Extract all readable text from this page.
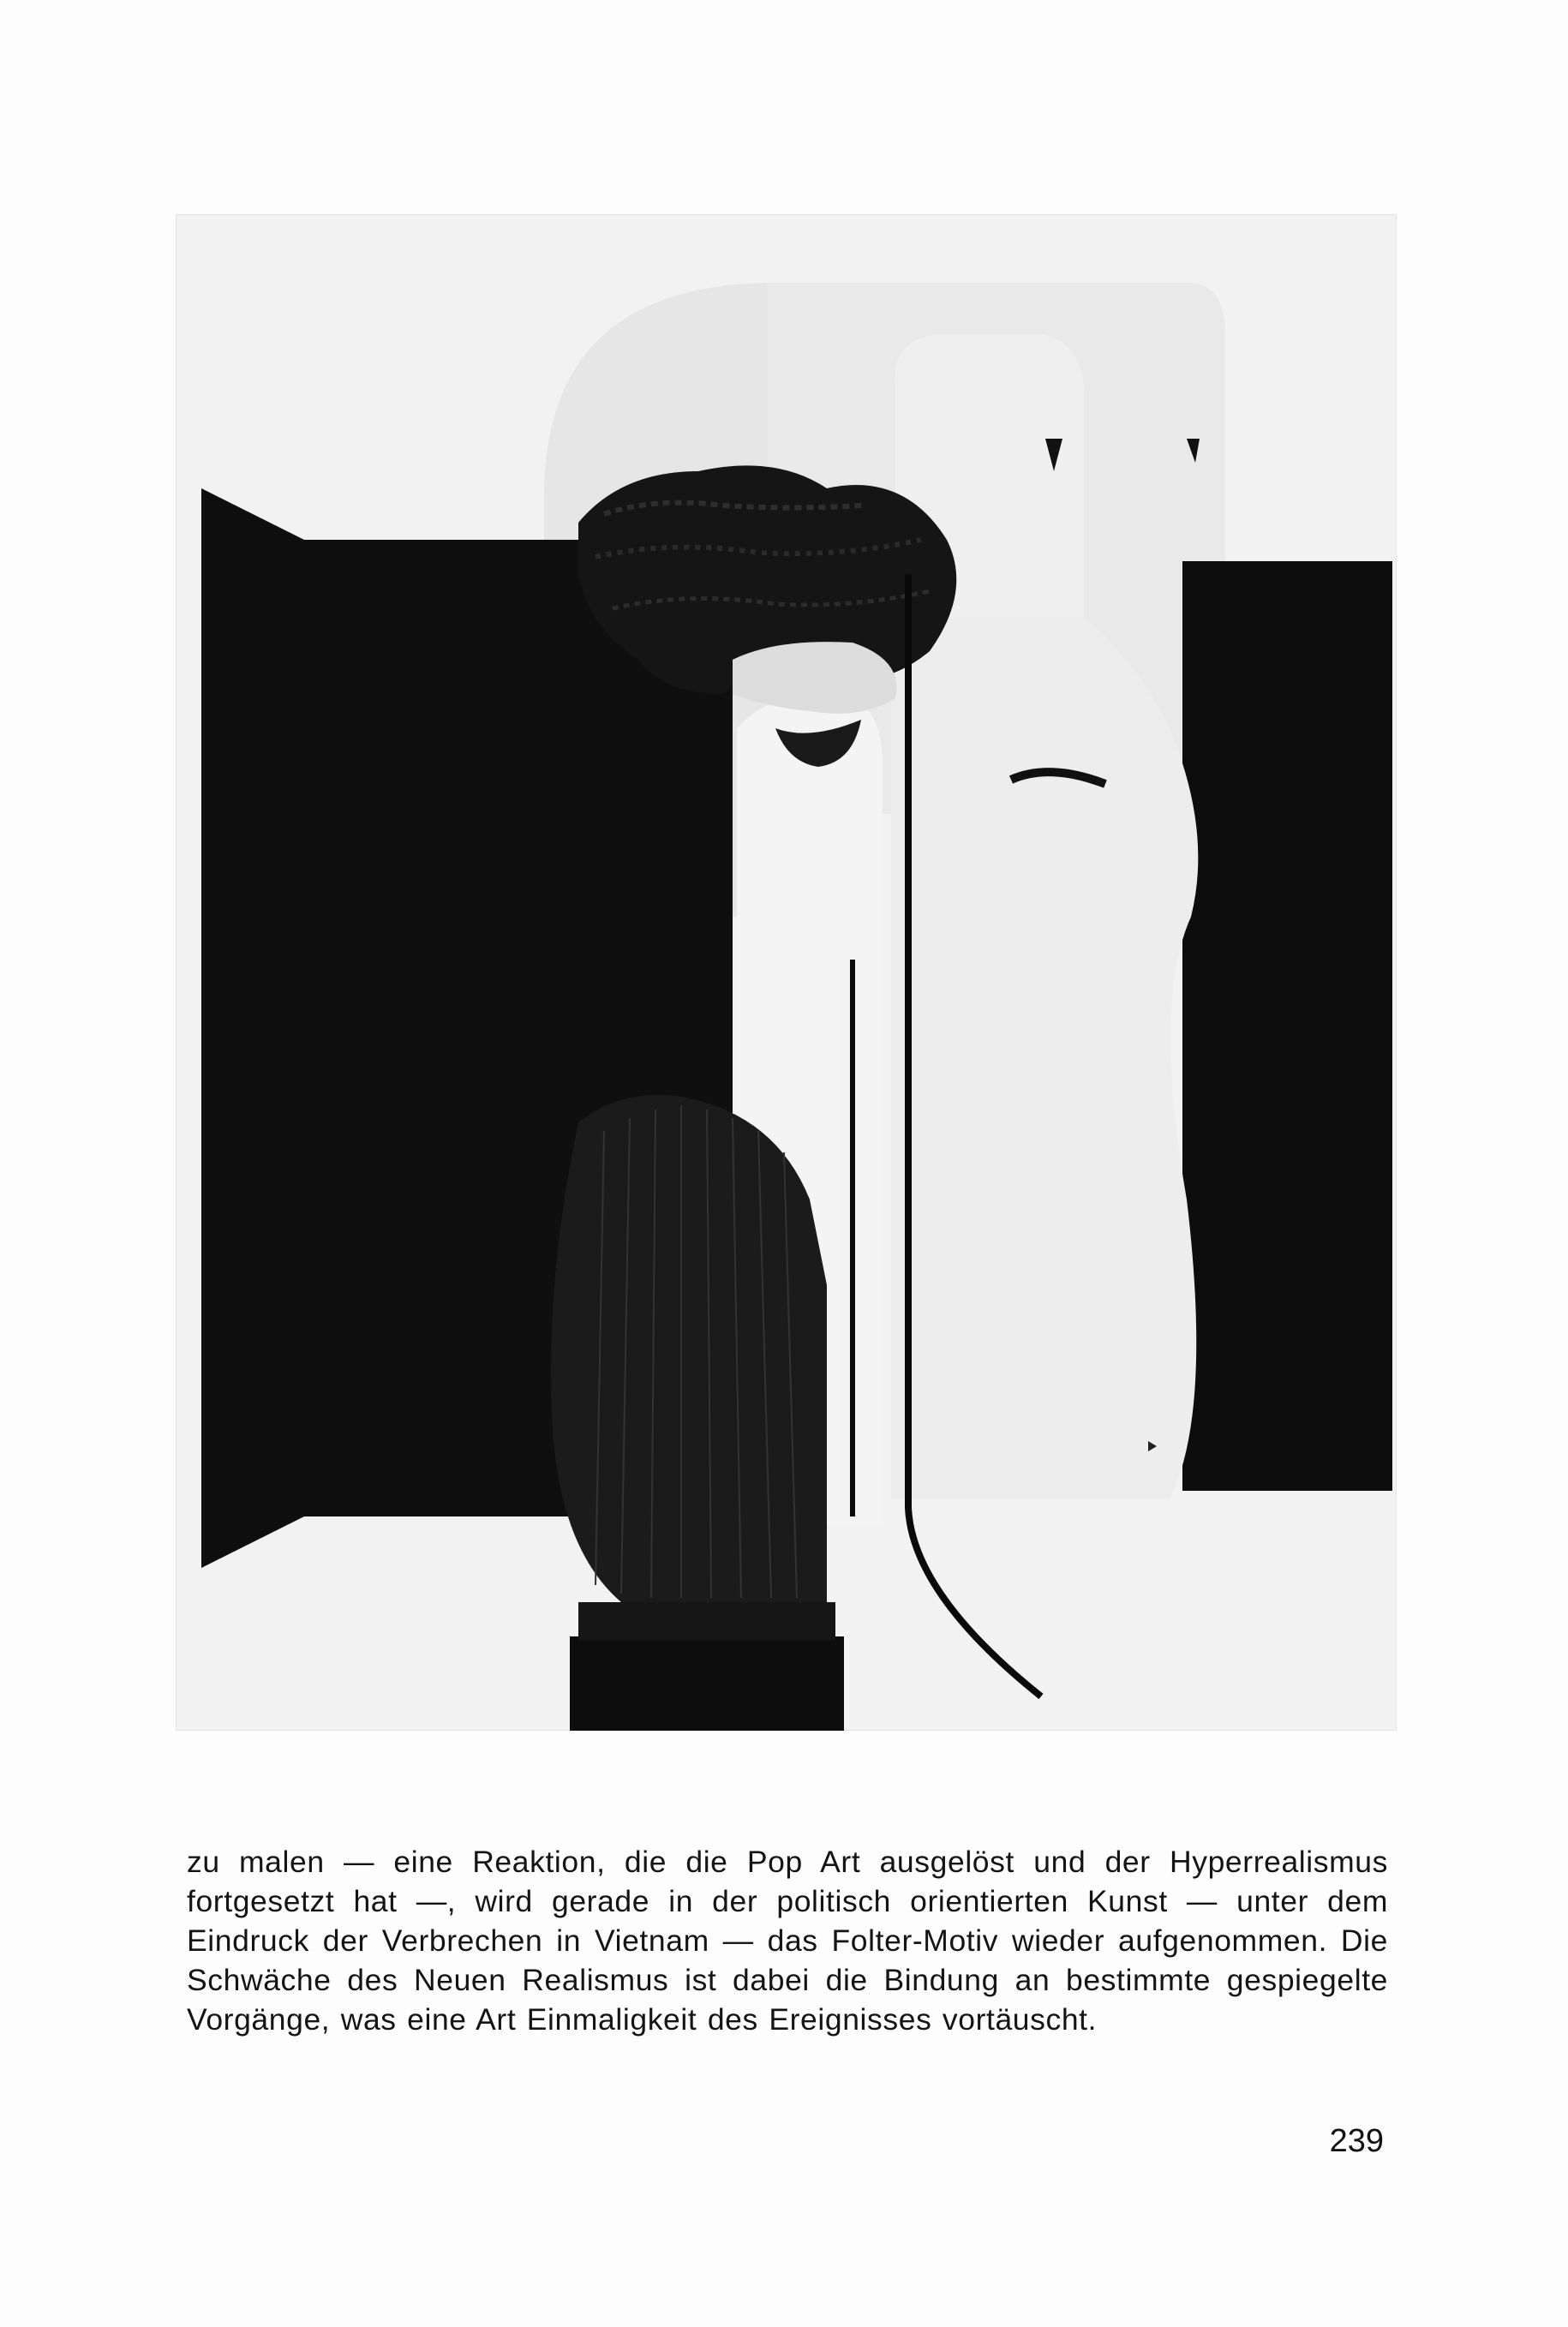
zu malen — eine Reaktion, die die Pop Art ausgelöst und der Hyperrealismus fortgesetzt hat —, wird gerade in der politisch orientierten Kunst — unter dem Eindruck der Verbrechen in Vietnam — das Folter-Motiv wieder aufgenommen. Die Schwäche des Neuen Realismus ist dabei die Bindung an bestimmte gespiegelte Vorgänge, was eine Art Einmaligkeit des Ereignisses vortäuscht.

239
